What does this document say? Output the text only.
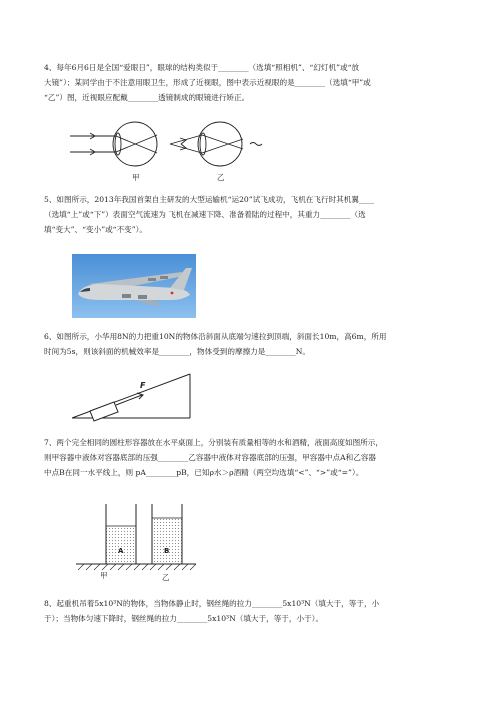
4、每年6月6日是全国“爱眼日”，眼球的结构类似于________（选填“照相机”、“幻灯机”或“放

大镜”）；某同学由于不注意用眼卫生，形成了近视眼，图中表示近视眼的是________（选填“甲”或

“乙”）图，近视眼应配戴________透镜制成的眼镜进行矫正。

甲	乙

5、如图所示，2013年我国首架自主研发的大型运输机“运20”试飞成功，飞机在飞行时其机翼____

（选填“上”或“下”）表面空气流速为 飞机在减速下降、准备着陆的过程中，其重力________（选

填“变大”、“变小”或“不变”）。

6、如图所示，小华用8N的力把重10N的物体沿斜面从底端匀速拉到顶端，斜面长10m，高6m，所用

时间为5s，则该斜面的机械效率是________，物体受到的摩擦力是________N。

F

7、两个完全相同的圆柱形容器放在水平桌面上，分别装有质量相等的水和酒精，液面高度如图所示，

则甲容器中液体对容器底部的压强________乙容器中液体对容器底部的压强，甲容器中点A和乙容器

中点B在同一水平线上，则 pA________pB，已知ρ水＞ρ酒精（两空均选填“<”、“>”或“=”）。

A	B
甲	乙

8、起重机吊着5x10³N的物体，当物体静止时，钢丝绳的拉力________5x10³N（填大于，等于，小

于）；当物体匀速下降时，钢丝绳的拉力________5x10³N（填大于，等于，小于）。
